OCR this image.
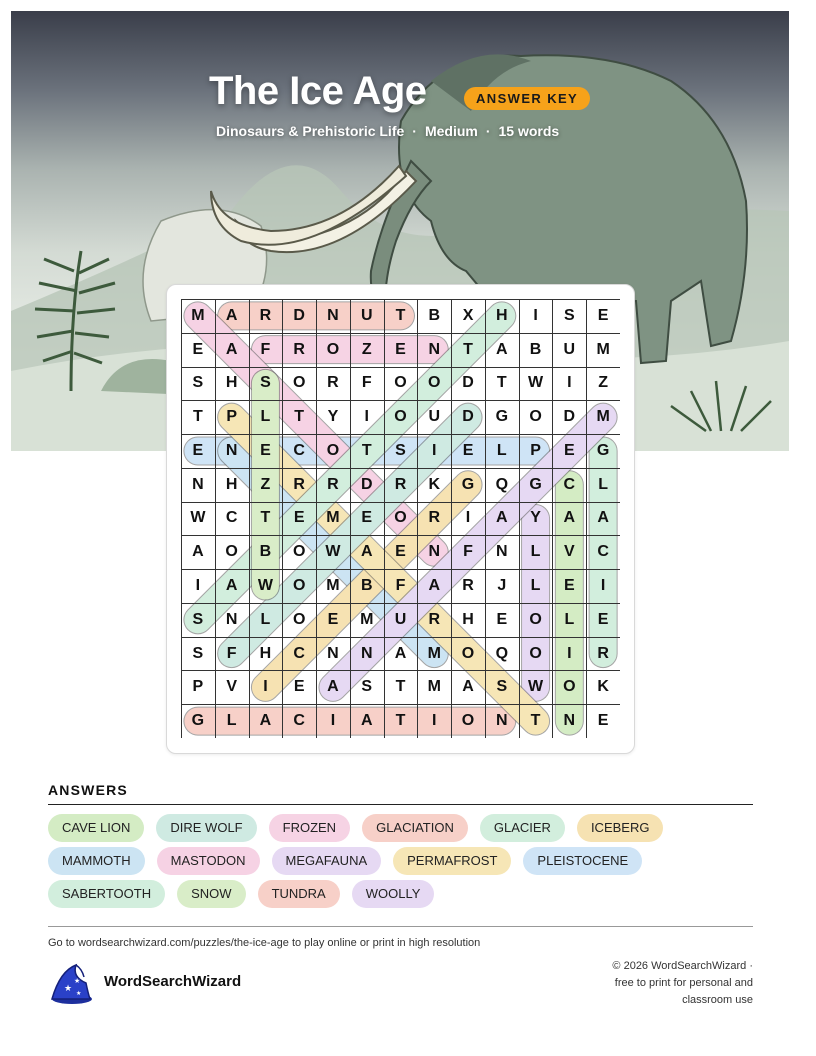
The Ice Age	ANSWER KEY
Dinosaurs & Prehistoric Life · Medium · 15 words
M	A	R	D	N	U	T	B	X	H	I	S	E
E	A	F	R	O	Z	E	N	T	A	B	U	M
S	H	S	O	R	F	O	O	D	T	W	I	Z
T	P	L	T	Y	I	O	U	D	G	O	D	M
E	N	E	C	O	T	S	I	E	L	P	E	G
N	H	Z	R	R	D	R	K	G	Q	G	C	L
W	C	T	E	M	E	O	R	I	A	Y	A	A
A	O	B	O	W	A	E	N	F	N	L	V	C
I	A	W	O	M	B	F	A	R	J	L	E	I
S	N	L	O	E	M	U	R	H	E	O	L	E
S	F	H	C	N	N	A	M	O	Q	O	I	R
P	V	I	E	A	S	T	M	A	S	W	O	K
G	L	A	C	I	A	T	I	O	N	T	N	E
ANSWERS
CAVE LION	DIRE WOLF	FROZEN	GLACIATION	GLACIER	ICEBERG
MAMMOTH	MASTODON	MEGAFAUNA	PERMAFROST	PLEISTOCENE
SABERTOOTH	SNOW	TUNDRA	WOOLLY
Go to wordsearchwizard.com/puzzles/the-ice-age to play online or print in high resolution
★
★
★
WordSearchWizard
© 2026 WordSearchWizard ·
free to print for personal and
classroom use
